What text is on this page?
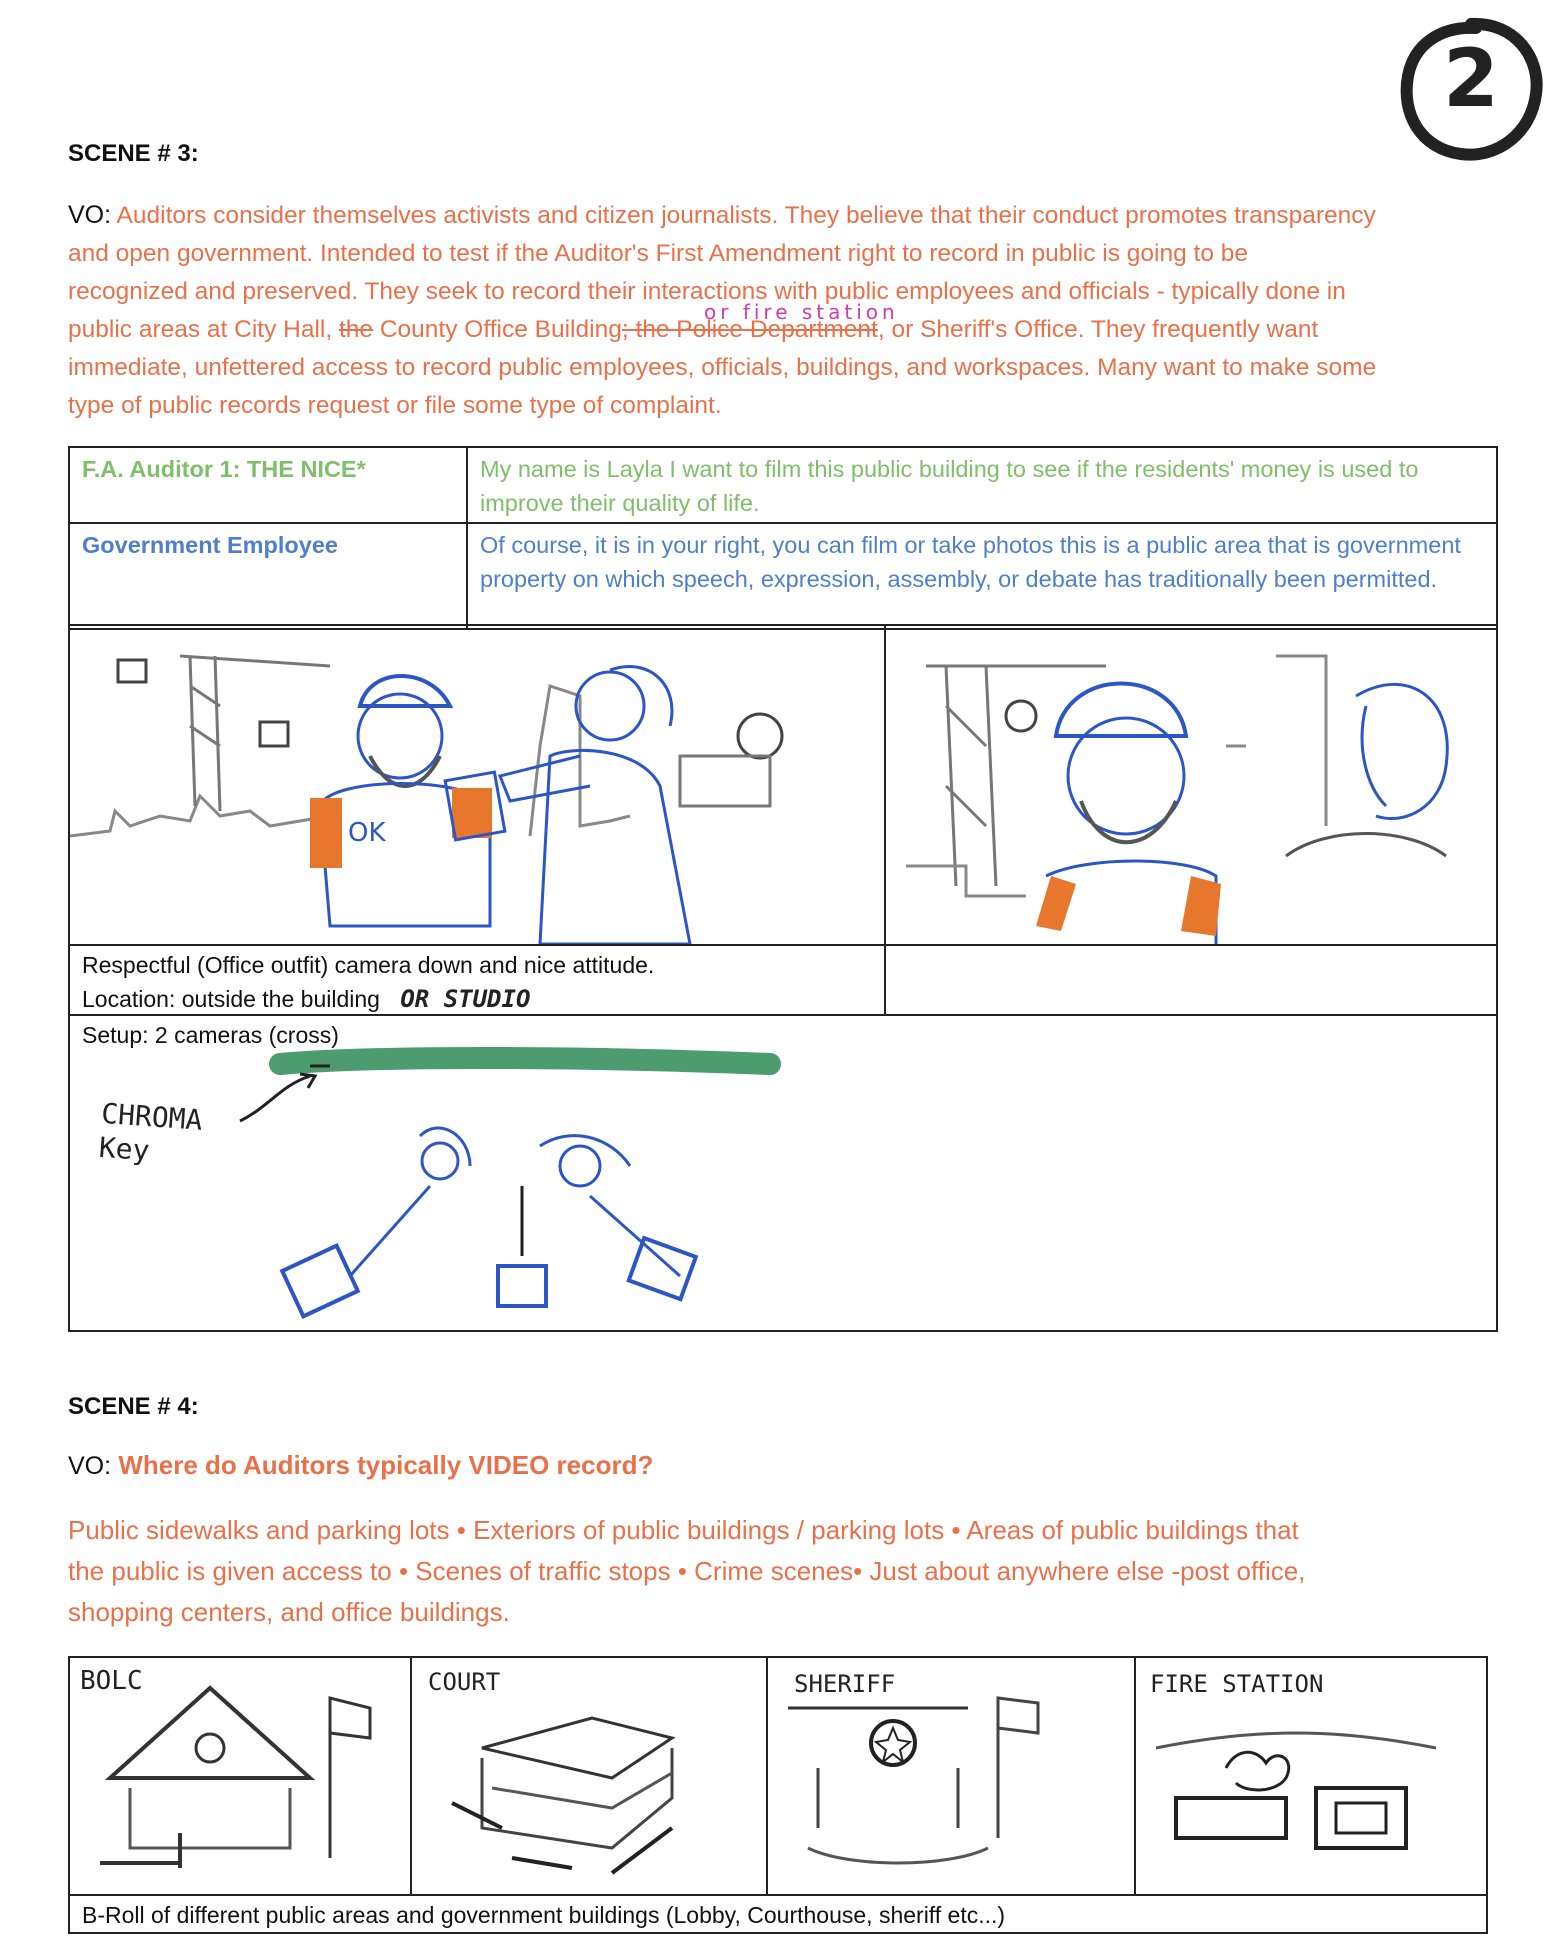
2
SCENE # 3:

VO: Auditors consider themselves activists and citizen journalists. They believe that their conduct promotes transparency

and open government. Intended to test if the Auditor's First Amendment right to record in public is going to be

recognized and preserved. They seek to record their interactions with public employees and officials - typically done in

public areas at City Hall, the County Office Building; the Police Department, or Sheriff's Office. They frequently want
or fire station

immediate, unfettered access to record public employees, officials, buildings, and workspaces. Many want to make some

type of public records request or file some type of complaint.

F.A. Auditor 1: THE NICE*	My name is Layla I want to film this public building to see if the residents' money is used to improve their quality of life.
Government Employee	Of course, it is in your right, you can film or take photos this is a public area that is government property on which speech, expression, assembly, or debate has traditionally been permitted.
OK
Respectful (Office outfit) camera down and nice attitude.
Location: outside the building OR STUDIO
Setup: 2 cameras (cross)
CHROMA Key
SCENE # 4:
VO: Where do Auditors typically VIDEO record?
Public sidewalks and parking lots • Exteriors of public buildings / parking lots • Areas of public buildings that
the public is given access to • Scenes of traffic stops • Crime scenes• Just about anywhere else -post office,
shopping centers, and office buildings.
BOLC	COURT	SHERIFF	FIRE STATION
B-Roll of different public areas and government buildings (Lobby, Courthouse, sheriff etc...)
